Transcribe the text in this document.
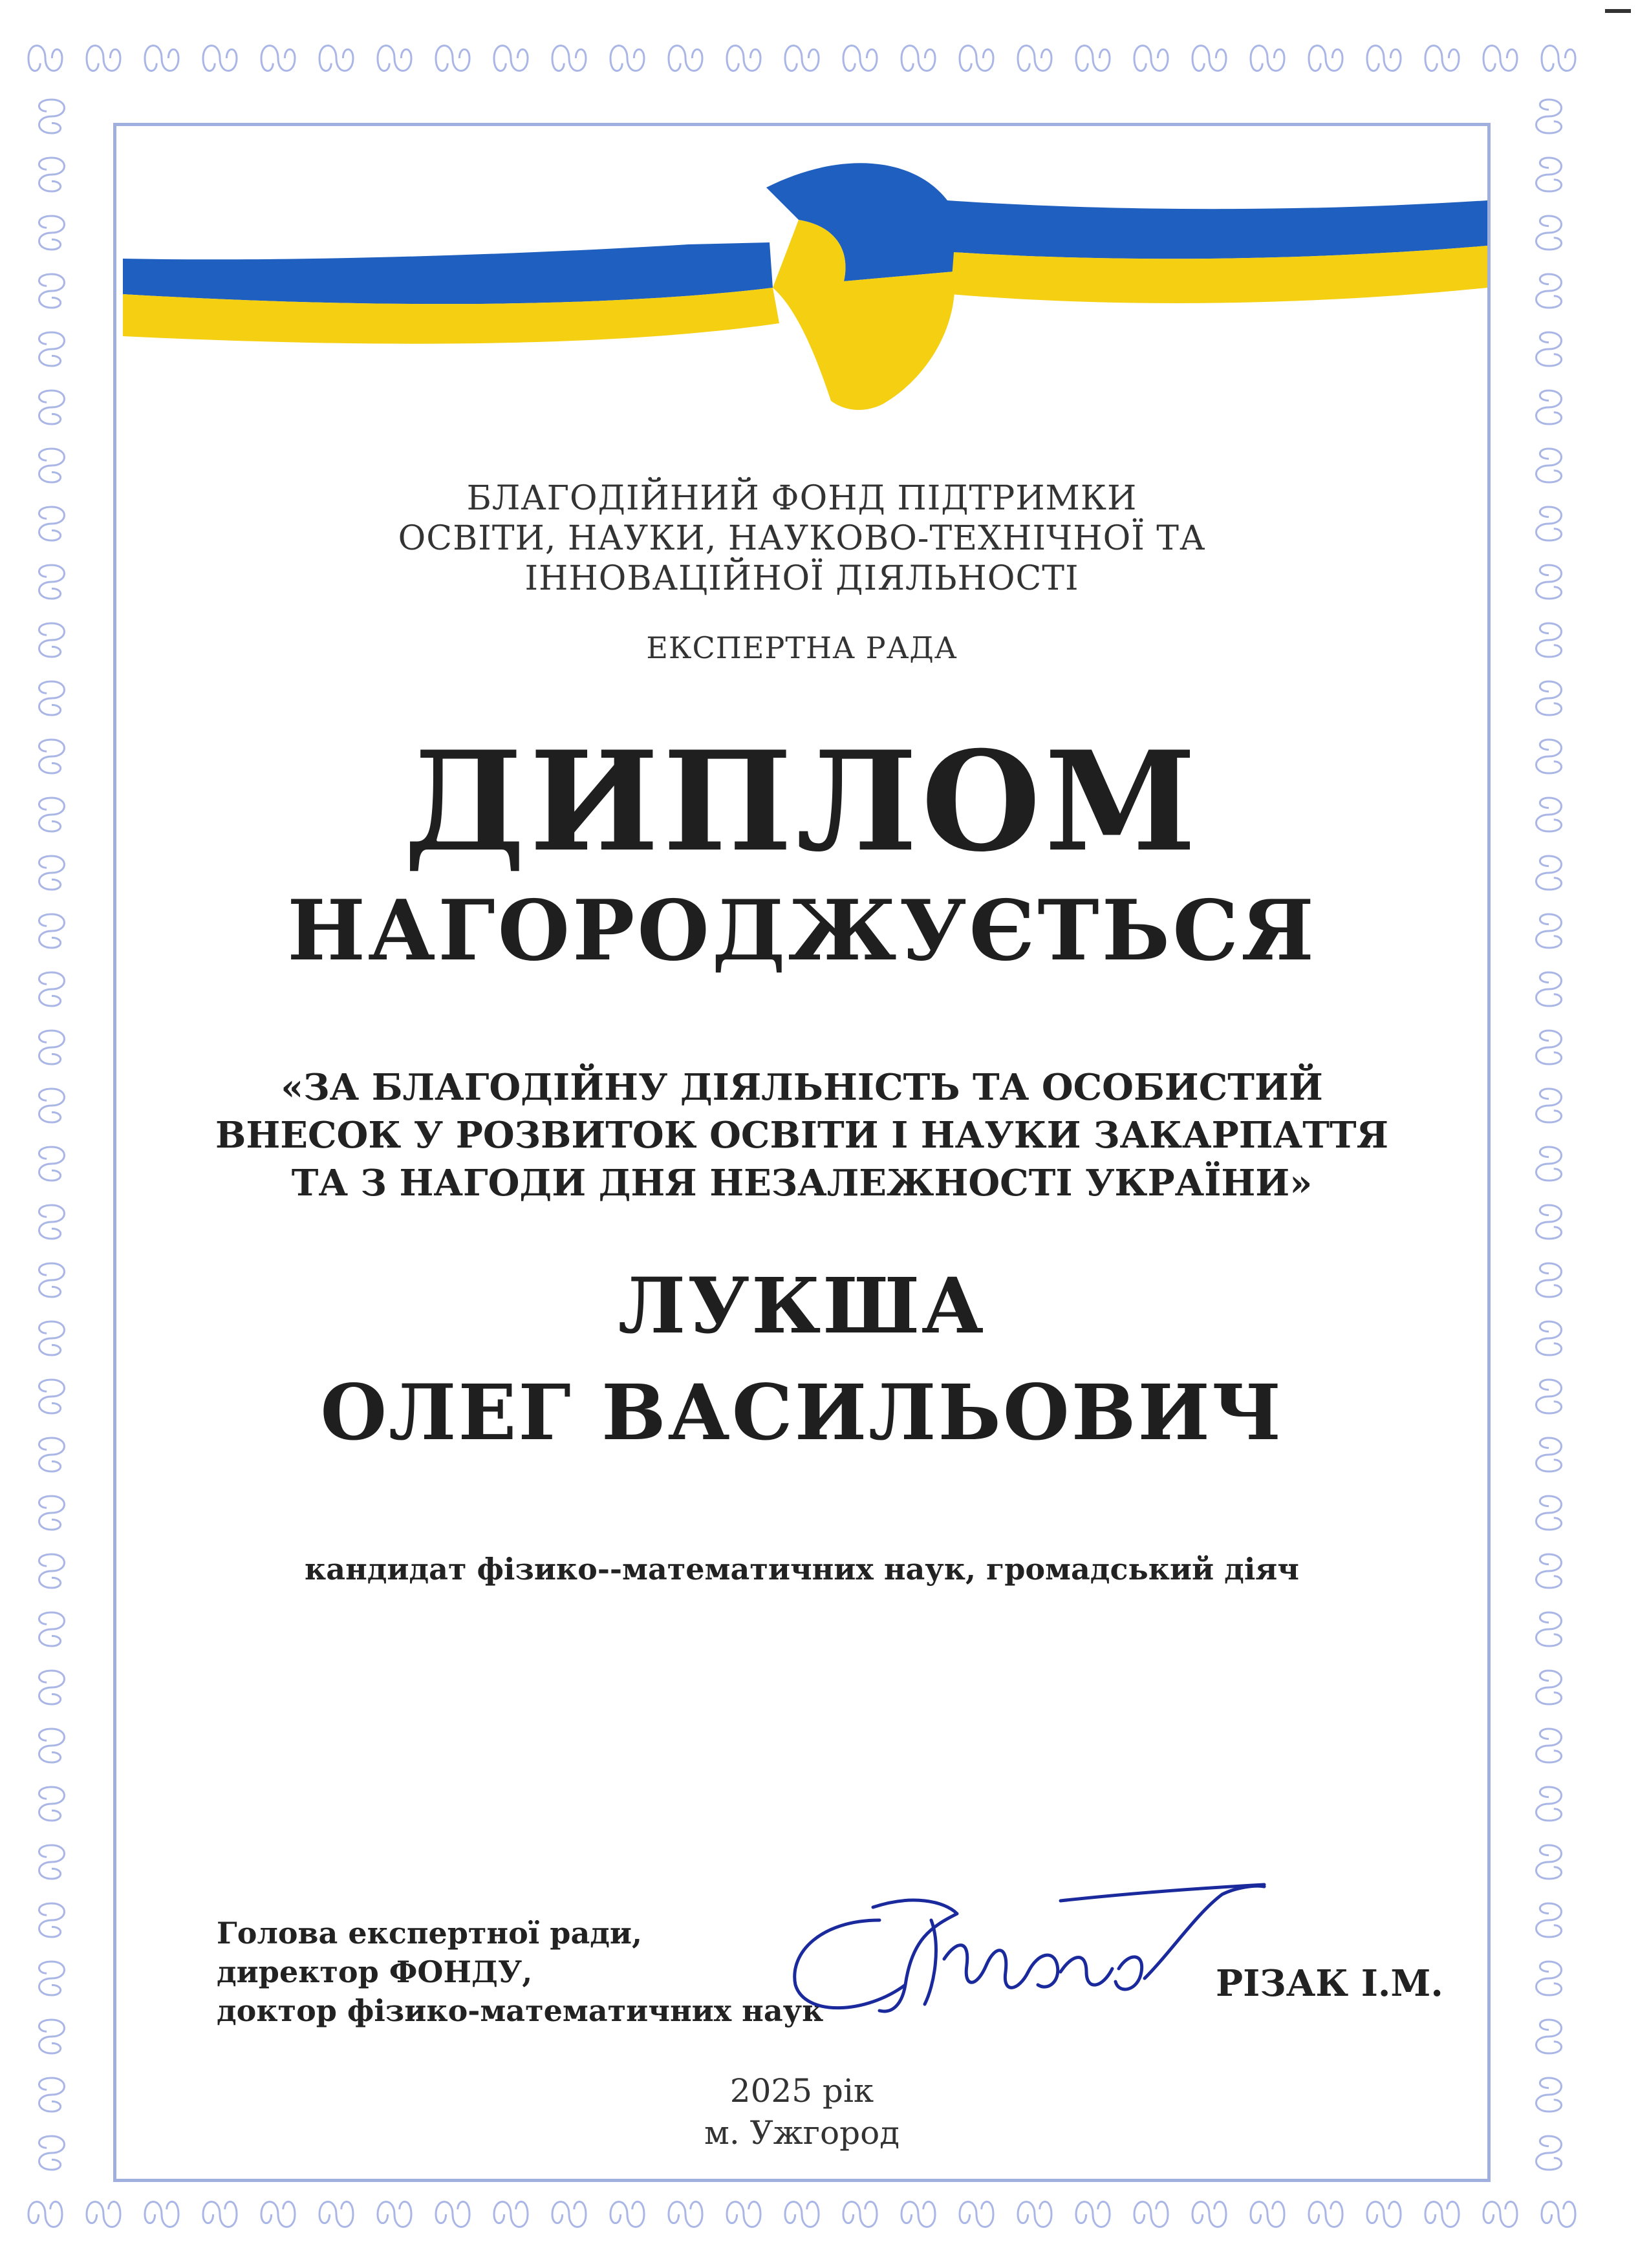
БЛАГОДІЙНИЙ ФОНД ПІДТРИМКИ
ОСВІТИ, НАУКИ, НАУКОВО-ТЕХНІЧНОЇ ТА
ІННОВАЦІЙНОЇ ДІЯЛЬНОСТІ
ЕКСПЕРТНА РАДА
ДИПЛОМ
НАГОРОДЖУЄТЬСЯ
«ЗА БЛАГОДІЙНУ ДІЯЛЬНІСТЬ ТА ОСОБИСТИЙ
ВНЕСОК У РОЗВИТОК ОСВІТИ І НАУКИ ЗАКАРПАТТЯ
ТА З НАГОДИ ДНЯ НЕЗАЛЕЖНОСТІ УКРАЇНИ»
ЛУКША
ОЛЕГ ВАСИЛЬОВИЧ
кандидат фізико--математичних наук, громадський діяч
Голова експертної ради,
директор ФОНДУ,
доктор фізико-математичних наук
РІЗАК І.М.
2025 рік
м. Ужгород
